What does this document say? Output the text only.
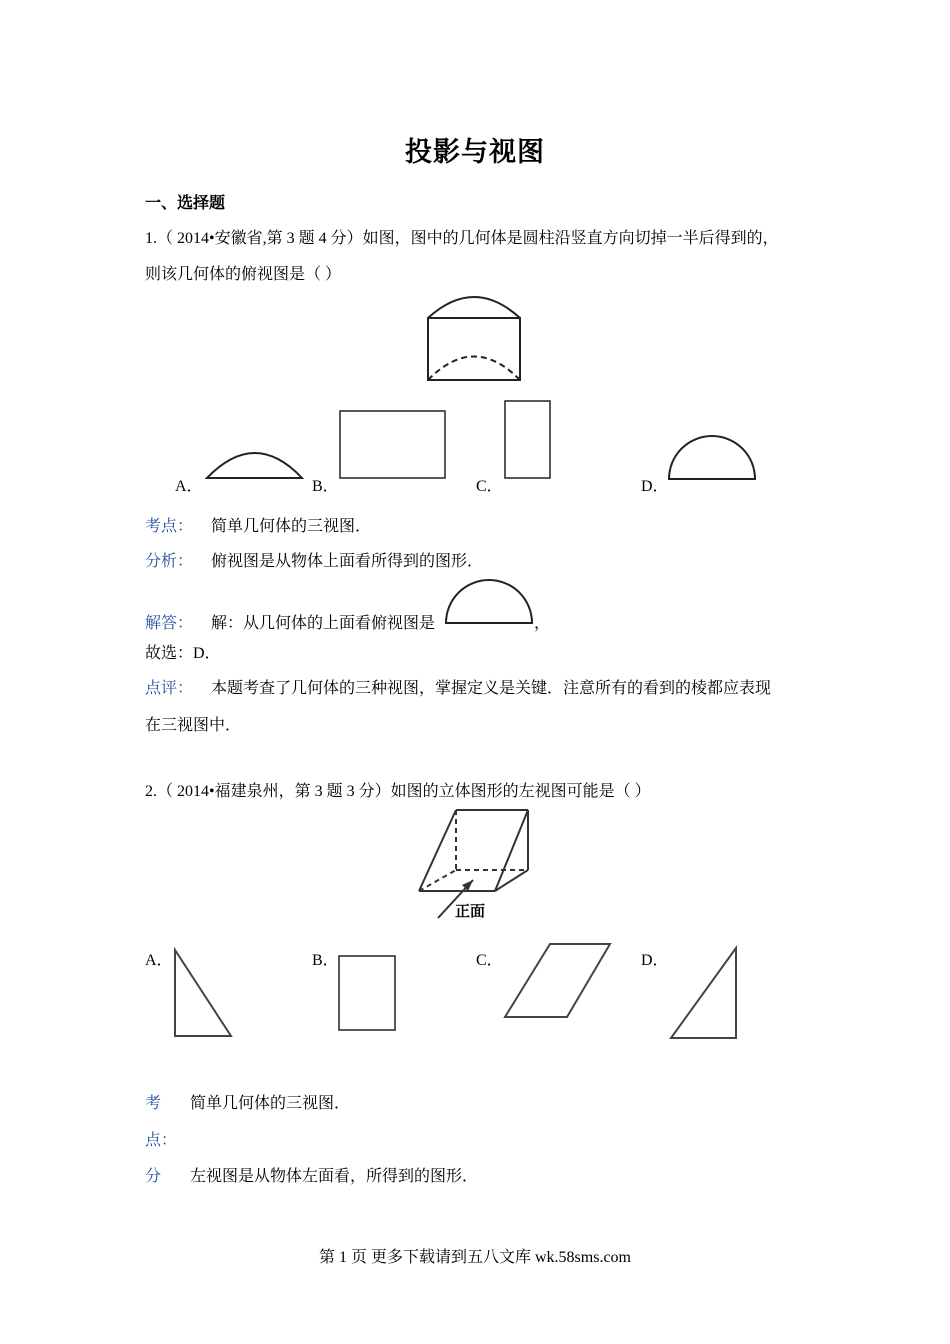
投影与视图
一、选择题
1.（ 2014•安徽省,第 3 题 4 分）如图，图中的几何体是圆柱沿竖直方向切掉一半后得到的，
则该几何体的俯视图是（ ）
A．	B．	C．	D．
考点： 简单几何体的三视图．
分析： 俯视图是从物体上面看所得到的图形．
解答： 解：从几何体的上面看俯视图是	，
故选：D．
点评： 本题考查了几何体的三种视图，掌握定义是关键．注意所有的看到的棱都应表现
在三视图中．
2.（ 2014•福建泉州，第 3 题 3 分）如图的立体图形的左视图可能是（ ）
正面
A．	B．	C．	D．
考 简单几何体的三视图．
点：
分 左视图是从物体左面看，所得到的图形．
第 1 页 更多下载请到五八文库 wk.58sms.com
